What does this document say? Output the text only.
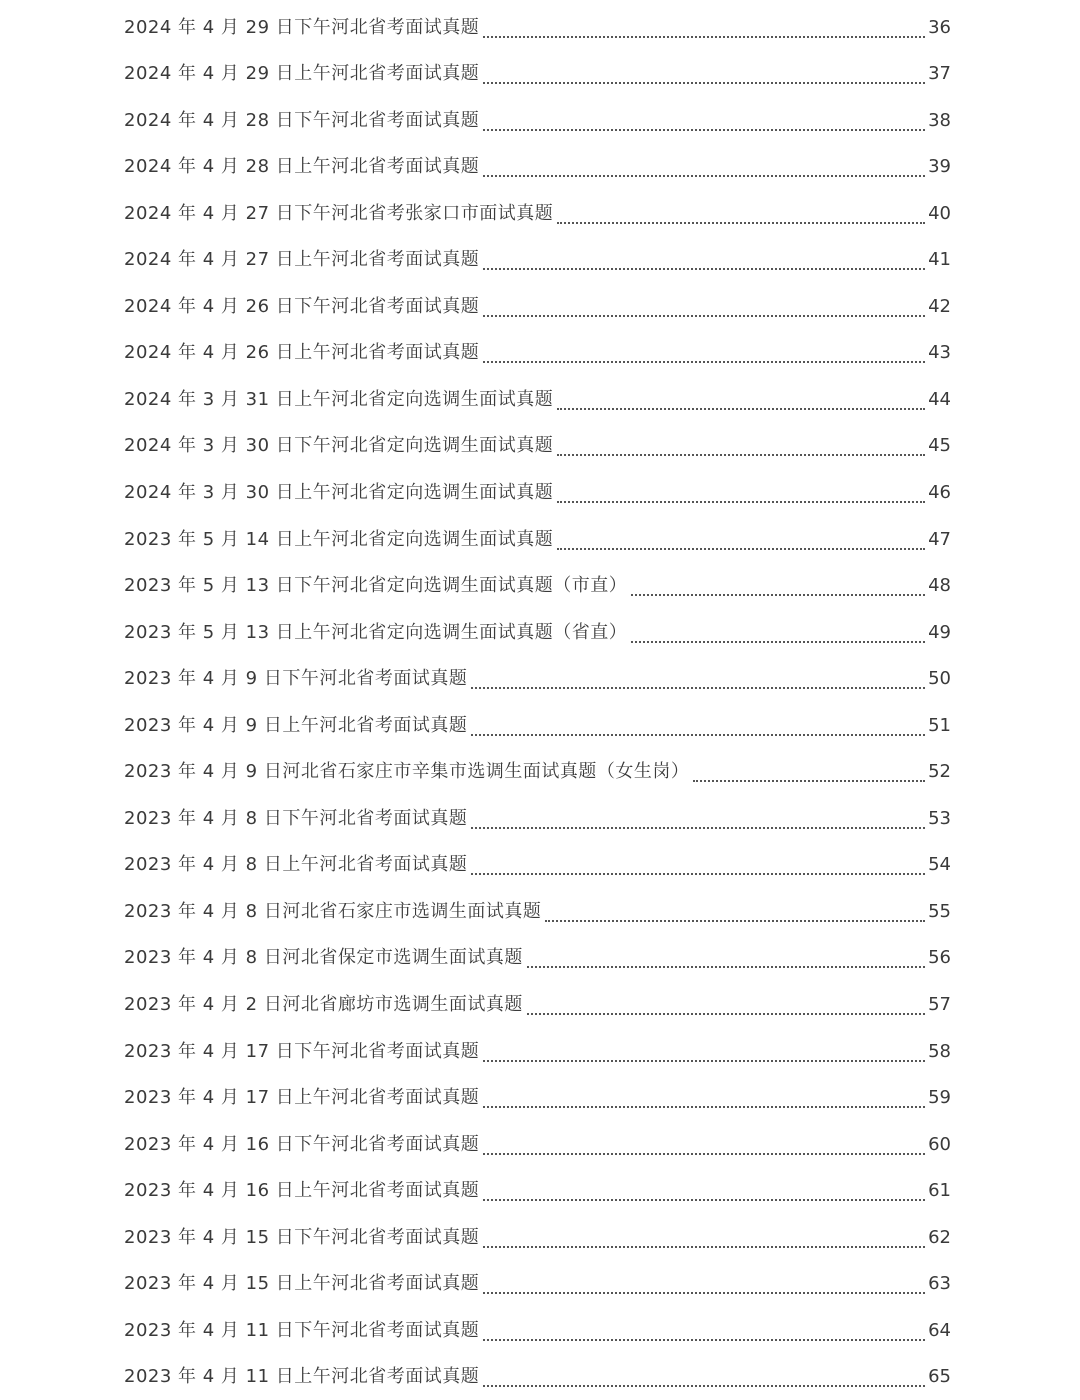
2024 年 4 月 29 日下午河北省考面试真题	36
2024 年 4 月 29 日上午河北省考面试真题	37
2024 年 4 月 28 日下午河北省考面试真题	38
2024 年 4 月 28 日上午河北省考面试真题	39
2024 年 4 月 27 日下午河北省考张家口市面试真题	40
2024 年 4 月 27 日上午河北省考面试真题	41
2024 年 4 月 26 日下午河北省考面试真题	42
2024 年 4 月 26 日上午河北省考面试真题	43
2024 年 3 月 31 日上午河北省定向选调生面试真题	44
2024 年 3 月 30 日下午河北省定向选调生面试真题	45
2024 年 3 月 30 日上午河北省定向选调生面试真题	46
2023 年 5 月 14 日上午河北省定向选调生面试真题	47
2023 年 5 月 13 日下午河北省定向选调生面试真题（市直）	48
2023 年 5 月 13 日上午河北省定向选调生面试真题（省直）	49
2023 年 4 月 9 日下午河北省考面试真题	50
2023 年 4 月 9 日上午河北省考面试真题	51
2023 年 4 月 9 日河北省石家庄市辛集市选调生面试真题（女生岗）	52
2023 年 4 月 8 日下午河北省考面试真题	53
2023 年 4 月 8 日上午河北省考面试真题	54
2023 年 4 月 8 日河北省石家庄市选调生面试真题	55
2023 年 4 月 8 日河北省保定市选调生面试真题	56
2023 年 4 月 2 日河北省廊坊市选调生面试真题	57
2023 年 4 月 17 日下午河北省考面试真题	58
2023 年 4 月 17 日上午河北省考面试真题	59
2023 年 4 月 16 日下午河北省考面试真题	60
2023 年 4 月 16 日上午河北省考面试真题	61
2023 年 4 月 15 日下午河北省考面试真题	62
2023 年 4 月 15 日上午河北省考面试真题	63
2023 年 4 月 11 日下午河北省考面试真题	64
2023 年 4 月 11 日上午河北省考面试真题	65
